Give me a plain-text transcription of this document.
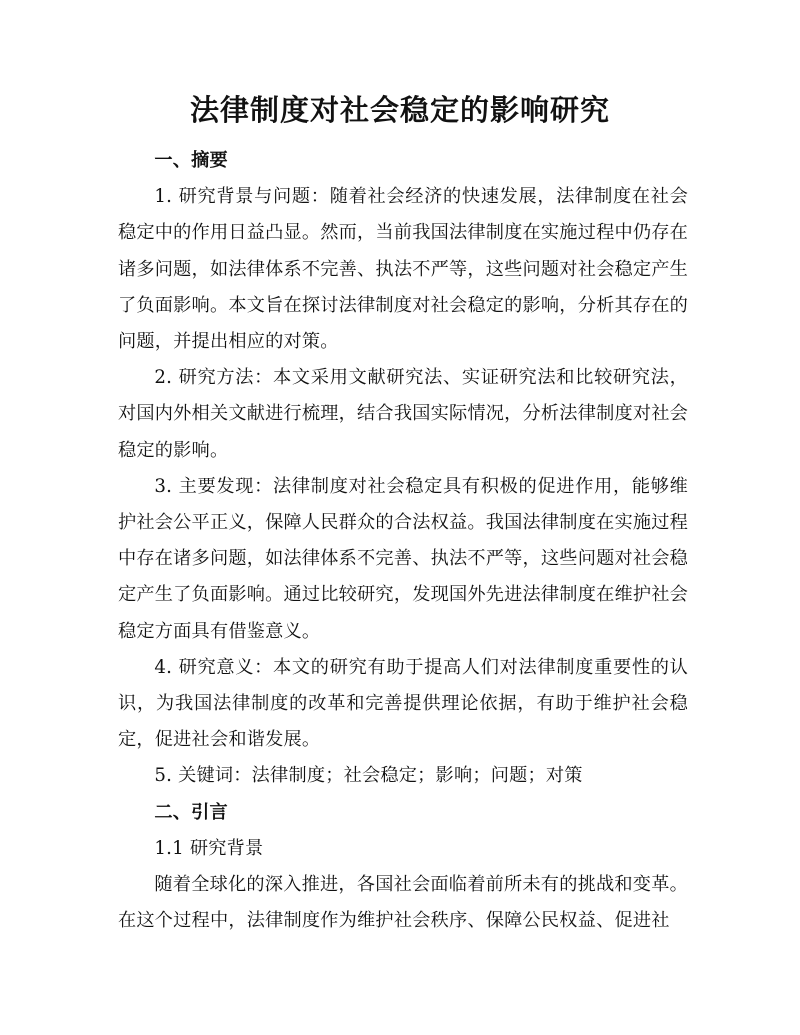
法律制度对社会稳定的影响研究

一、摘要

1. 研究背景与问题：随着社会经济的快速发展，法律制度在社会稳定中的作用日益凸显。然而，当前我国法律制度在实施过程中仍存在诸多问题，如法律体系不完善、执法不严等，这些问题对社会稳定产生了负面影响。本文旨在探讨法律制度对社会稳定的影响，分析其存在的问题，并提出相应的对策。

2. 研究方法：本文采用文献研究法、实证研究法和比较研究法，对国内外相关文献进行梳理，结合我国实际情况，分析法律制度对社会稳定的影响。

3. 主要发现：法律制度对社会稳定具有积极的促进作用，能够维护社会公平正义，保障人民群众的合法权益。我国法律制度在实施过程中存在诸多问题，如法律体系不完善、执法不严等，这些问题对社会稳定产生了负面影响。通过比较研究，发现国外先进法律制度在维护社会稳定方面具有借鉴意义。

4. 研究意义：本文的研究有助于提高人们对法律制度重要性的认识，为我国法律制度的改革和完善提供理论依据，有助于维护社会稳定，促进社会和谐发展。

5. 关键词：法律制度；社会稳定；影响；问题；对策

二、引言

1.1 研究背景

随着全球化的深入推进，各国社会面临着前所未有的挑战和变革。在这个过程中，法律制度作为维护社会秩序、保障公民权益、促进社
